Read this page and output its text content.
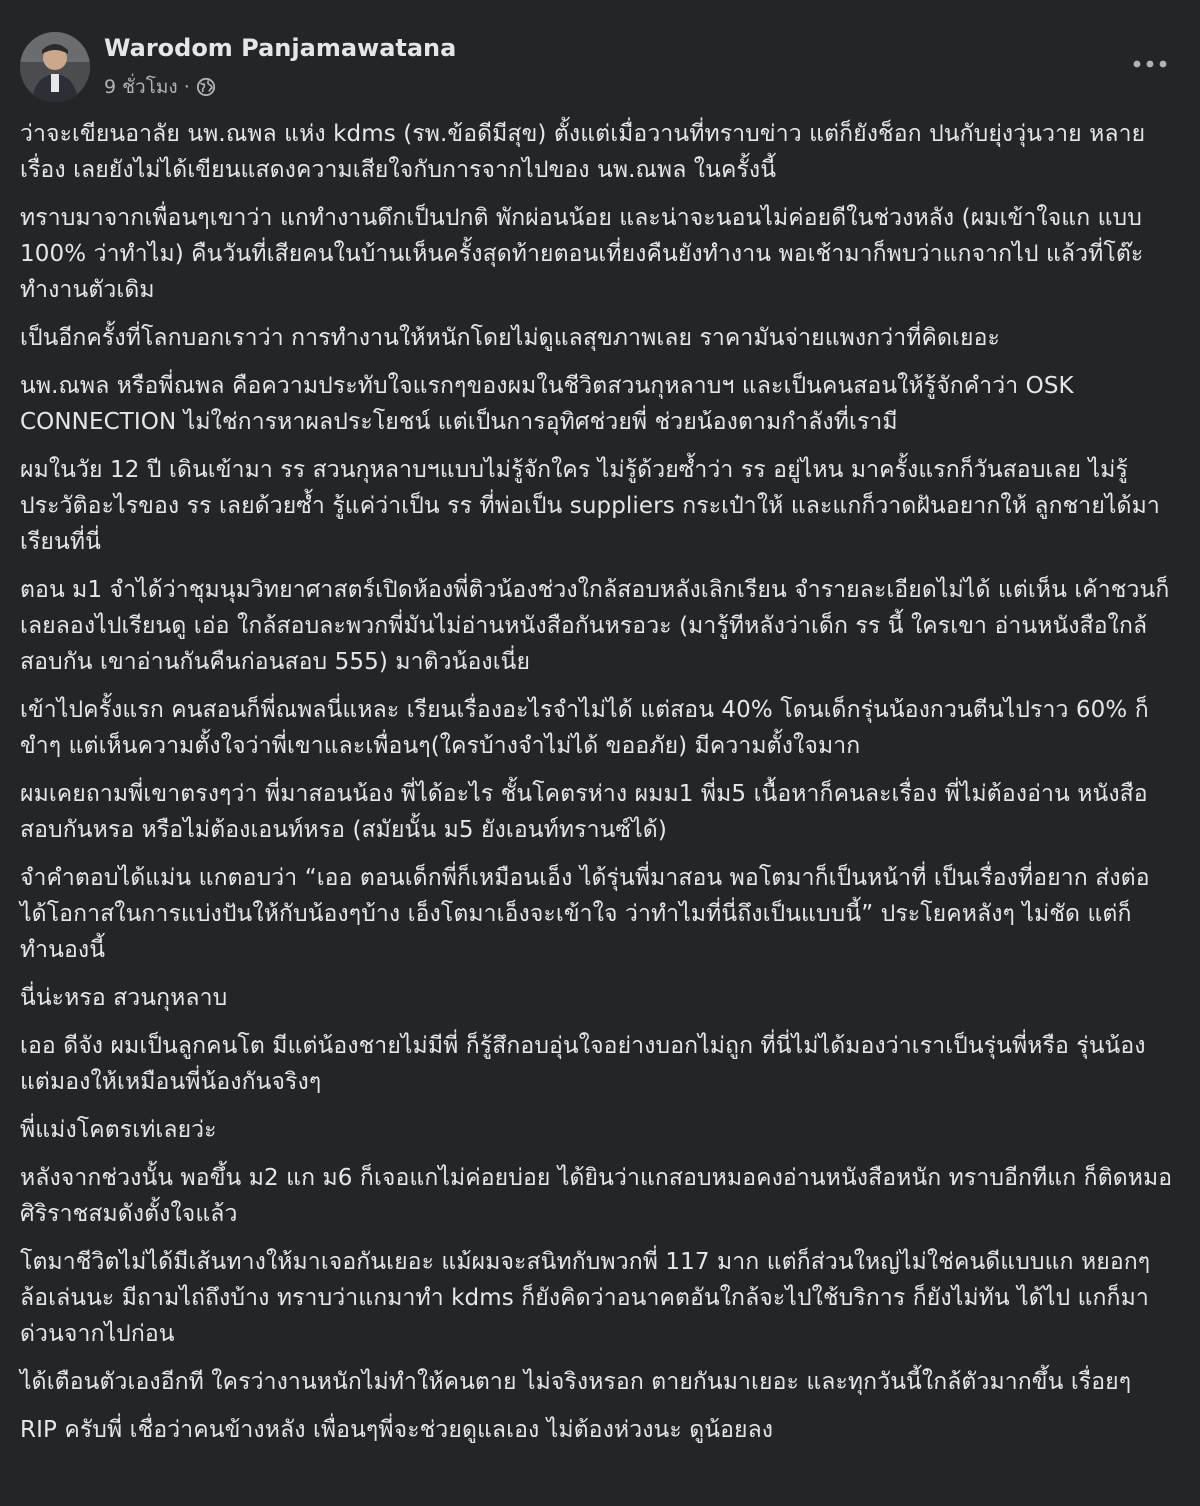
Warodom Panjamawatana
9 ชั่วโมง ·

ว่าจะเขียนอาลัย นพ.ณพล แห่ง kdms (รพ.ข้อดีมีสุข) ตั้งแต่เมื่อวานที่ทราบข่าว แต่ก็ยังช็อก ปนกับยุ่งวุ่นวาย หลายเรื่อง เลยยังไม่ได้เขียนแสดงความเสียใจกับการจากไปของ นพ.ณพล ในครั้งนี้

ทราบมาจากเพื่อนๆเขาว่า แกทำงานดึกเป็นปกติ พักผ่อนน้อย และน่าจะนอนไม่ค่อยดีในช่วงหลัง (ผมเข้าใจแก แบบ 100% ว่าทำไม) คืนวันที่เสียคนในบ้านเห็นครั้งสุดท้ายตอนเที่ยงคืนยังทำงาน พอเช้ามาก็พบว่าแกจากไป แล้วที่โต๊ะทำงานตัวเดิม

เป็นอีกครั้งที่โลกบอกเราว่า การทำงานให้หนักโดยไม่ดูแลสุขภาพเลย ราคามันจ่ายแพงกว่าที่คิดเยอะ

นพ.ณพล หรือพี่ณพล คือความประทับใจแรกๆของผมในชีวิตสวนกุหลาบฯ และเป็นคนสอนให้รู้จักคำว่า OSK CONNECTION ไม่ใช่การหาผลประโยชน์ แต่เป็นการอุทิศช่วยพี่ ช่วยน้องตามกำลังที่เรามี

ผมในวัย 12 ปี เดินเข้ามา รร สวนกุหลาบฯแบบไม่รู้จักใคร ไม่รู้ด้วยซ้ำว่า รร อยู่ไหน มาครั้งแรกก็วันสอบเลย ไม่รู้ประวัติอะไรของ รร เลยด้วยซ้ำ รู้แค่ว่าเป็น รร ที่พ่อเป็น suppliers กระเป๋าให้ และแกก็วาดฝันอยากให้ ลูกชายได้มาเรียนที่นี่

ตอน ม1 จำได้ว่าชุมนุมวิทยาศาสตร์เปิดห้องพี่ติวน้องช่วงใกล้สอบหลังเลิกเรียน จำรายละเอียดไม่ได้ แต่เห็น เค้าชวนก็เลยลองไปเรียนดู เอ่อ ใกล้สอบละพวกพี่มันไม่อ่านหนังสือกันหรอวะ (มารู้ทีหลังว่าเด็ก รร นี้ ใครเขา อ่านหนังสือใกล้สอบกัน เขาอ่านกันคืนก่อนสอบ 555) มาติวน้องเนี่ย

เข้าไปครั้งแรก คนสอนก็พี่ณพลนี่แหละ เรียนเรื่องอะไรจำไม่ได้ แต่สอน 40% โดนเด็กรุ่นน้องกวนตีนไปราว 60% ก็ขำๆ แต่เห็นความตั้งใจว่าพี่เขาและเพื่อนๆ(ใครบ้างจำไม่ได้ ขออภัย) มีความตั้งใจมาก

ผมเคยถามพี่เขาตรงๆว่า พี่มาสอนน้อง พี่ได้อะไร ชั้นโคตรห่าง ผมม1 พี่ม5 เนื้อหาก็คนละเรื่อง พี่ไม่ต้องอ่าน หนังสือสอบกันหรอ หรือไม่ต้องเอนท์หรอ (สมัยนั้น ม5 ยังเอนท์ทรานซ์ได้)

จำคำตอบได้แม่น แกตอบว่า “เออ ตอนเด็กพี่ก็เหมือนเอ็ง ได้รุ่นพี่มาสอน พอโตมาก็เป็นหน้าที่ เป็นเรื่องที่อยาก ส่งต่อ ได้โอกาสในการแบ่งปันให้กับน้องๆบ้าง เอ็งโตมาเอ็งจะเข้าใจ ว่าทำไมที่นี่ถึงเป็นแบบนี้” ประโยคหลังๆ ไม่ชัด แต่ก็ทำนองนี้

นี่น่ะหรอ สวนกุหลาบ

เออ ดีจัง ผมเป็นลูกคนโต มีแต่น้องชายไม่มีพี่ ก็รู้สึกอบอุ่นใจอย่างบอกไม่ถูก ที่นี่ไม่ได้มองว่าเราเป็นรุ่นพี่หรือ รุ่นน้อง แต่มองให้เหมือนพี่น้องกันจริงๆ

พี่แม่งโคตรเท่เลยว่ะ

หลังจากช่วงนั้น พอขึ้น ม2 แก ม6 ก็เจอแกไม่ค่อยบ่อย ได้ยินว่าแกสอบหมอคงอ่านหนังสือหนัก ทราบอีกทีแก ก็ติดหมอศิริราชสมดังตั้งใจแล้ว

โตมาชีวิตไม่ได้มีเส้นทางให้มาเจอกันเยอะ แม้ผมจะสนิทกับพวกพี่ 117 มาก แต่ก็ส่วนใหญ่ไม่ใช่คนดีแบบแก หยอกๆ ล้อเล่นนะ มีถามไถ่ถึงบ้าง ทราบว่าแกมาทำ kdms ก็ยังคิดว่าอนาคตอันใกล้จะไปใช้บริการ ก็ยังไม่ทัน ได้ไป แกก็มาด่วนจากไปก่อน

ได้เตือนตัวเองอีกที ใครว่างานหนักไม่ทำให้คนตาย ไม่จริงหรอก ตายกันมาเยอะ และทุกวันนี้ใกล้ตัวมากขึ้น เรื่อยๆ

RIP ครับพี่ เชื่อว่าคนข้างหลัง เพื่อนๆพี่จะช่วยดูแลเอง ไม่ต้องห่วงนะ ดูน้อยลง
